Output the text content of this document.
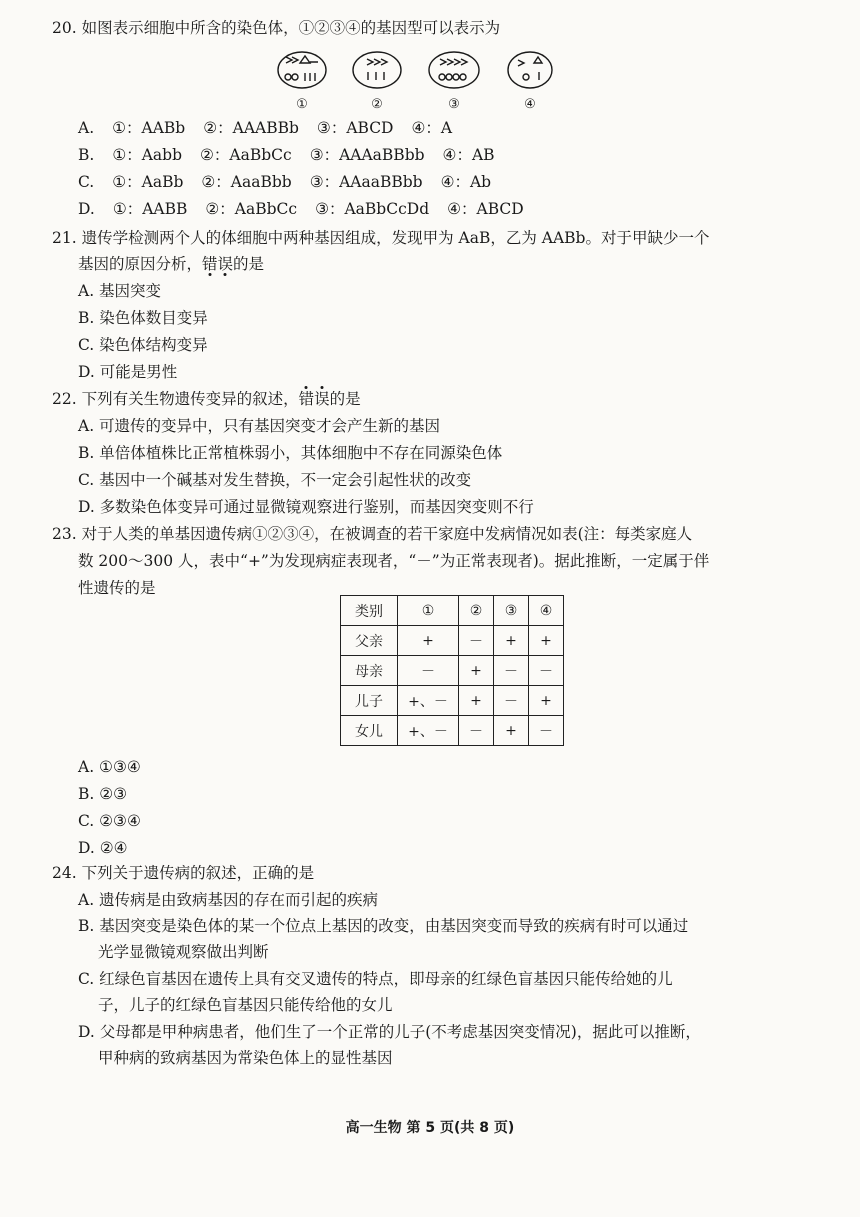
20. 如图表示细胞中所含的染色体，①②③④的基因型可以表示为
①	②	③	④
A. ①：AABb ②：AAABBb ③：ABCD ④：A
B. ①：Aabb ②：AaBbCc ③：AAAaBBbb ④：AB
C. ①：AaBb ②：AaaBbb ③：AAaaBBbb ④：Ab
D. ①：AABB ②：AaBbCc ③：AaBbCcDd ④：ABCD
21. 遗传学检测两个人的体细胞中两种基因组成，发现甲为 AaB，乙为 AABb。对于甲缺少一个
基因的原因分析，错误的是
A. 基因突变
B. 染色体数目变异
C. 染色体结构变异
D. 可能是男性
22. 下列有关生物遗传变异的叙述，错误的是
A. 可遗传的变异中，只有基因突变才会产生新的基因
B. 单倍体植株比正常植株弱小，其体细胞中不存在同源染色体
C. 基因中一个碱基对发生替换，不一定会引起性状的改变
D. 多数染色体变异可通过显微镜观察进行鉴别，而基因突变则不行
23. 对于人类的单基因遗传病①②③④，在被调查的若干家庭中发病情况如表(注：每类家庭人
数 200～300 人，表中“+”为发现病症表现者，“－”为正常表现者)。据此推断，一定属于伴
性遗传的是
类别	①	②	③	④
父亲	+	－	+	+
母亲	－	+	－	－
儿子	+、－	+	－	+
女儿	+、－	－	+	－
A. ①③④
B. ②③
C. ②③④
D. ②④
24. 下列关于遗传病的叙述，正确的是
A. 遗传病是由致病基因的存在而引起的疾病
B. 基因突变是染色体的某一个位点上基因的改变，由基因突变而导致的疾病有时可以通过
光学显微镜观察做出判断
C. 红绿色盲基因在遗传上具有交叉遗传的特点，即母亲的红绿色盲基因只能传给她的儿
子，儿子的红绿色盲基因只能传给他的女儿
D. 父母都是甲种病患者，他们生了一个正常的儿子(不考虑基因突变情况)，据此可以推断，
甲种病的致病基因为常染色体上的显性基因
高一生物 第 5 页(共 8 页)
